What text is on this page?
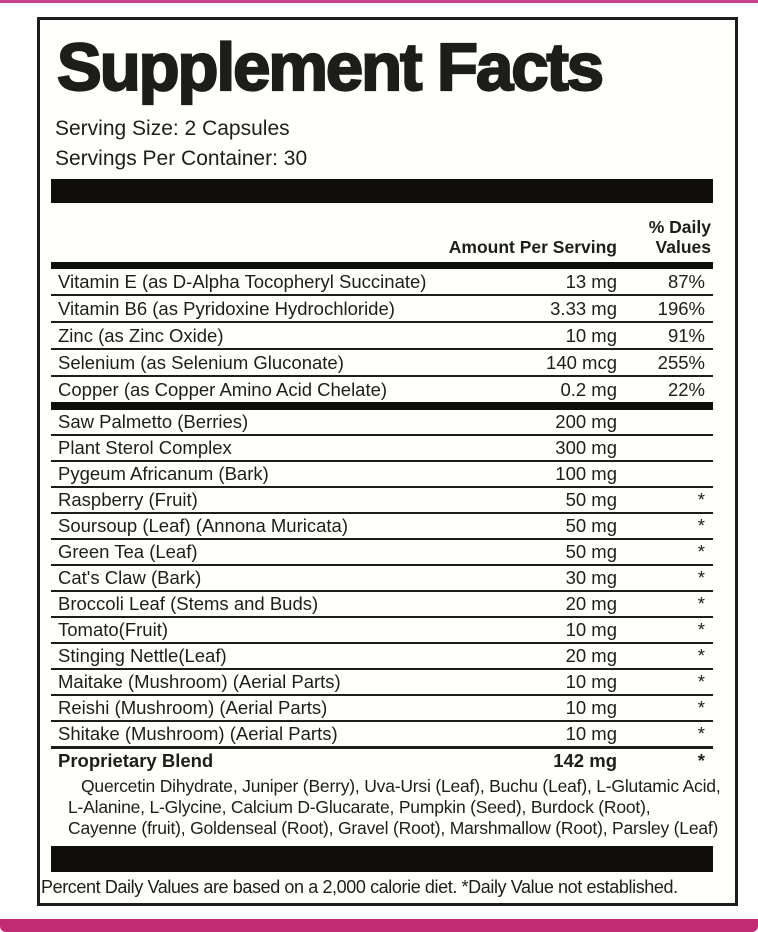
Supplement Facts
Serving Size: 2 Capsules
Servings Per Container: 30
Amount Per Serving
% Daily
Values
Vitamin E (as D-Alpha Tocopheryl Succinate)	13 mg	87%
Vitamin B6 (as Pyridoxine Hydrochloride)	3.33 mg	196%
Zinc (as Zinc Oxide)	10 mg	91%
Selenium (as Selenium Gluconate)	140 mcg	255%
Copper (as Copper Amino Acid Chelate)	0.2 mg	22%
Saw Palmetto (Berries)	200 mg
Plant Sterol Complex	300 mg
Pygeum Africanum (Bark)	100 mg
Raspberry (Fruit)	50 mg	*
Soursoup (Leaf) (Annona Muricata)	50 mg	*
Green Tea (Leaf)	50 mg	*
Cat's Claw (Bark)	30 mg	*
Broccoli Leaf (Stems and Buds)	20 mg	*
Tomato(Fruit)	10 mg	*
Stinging Nettle(Leaf)	20 mg	*
Maitake (Mushroom) (Aerial Parts)	10 mg	*
Reishi (Mushroom) (Aerial Parts)	10 mg	*
Shitake (Mushroom) (Aerial Parts)	10 mg	*
Proprietary Blend	142 mg	*
Quercetin Dihydrate, Juniper (Berry), Uva-Ursi (Leaf), Buchu (Leaf), L-Glutamic Acid,
L-Alanine, L-Glycine, Calcium D-Glucarate, Pumpkin (Seed), Burdock (Root),
Cayenne (fruit), Goldenseal (Root), Gravel (Root), Marshmallow (Root), Parsley (Leaf)
Percent Daily Values are based on a 2,000 calorie diet. *Daily Value not established.
